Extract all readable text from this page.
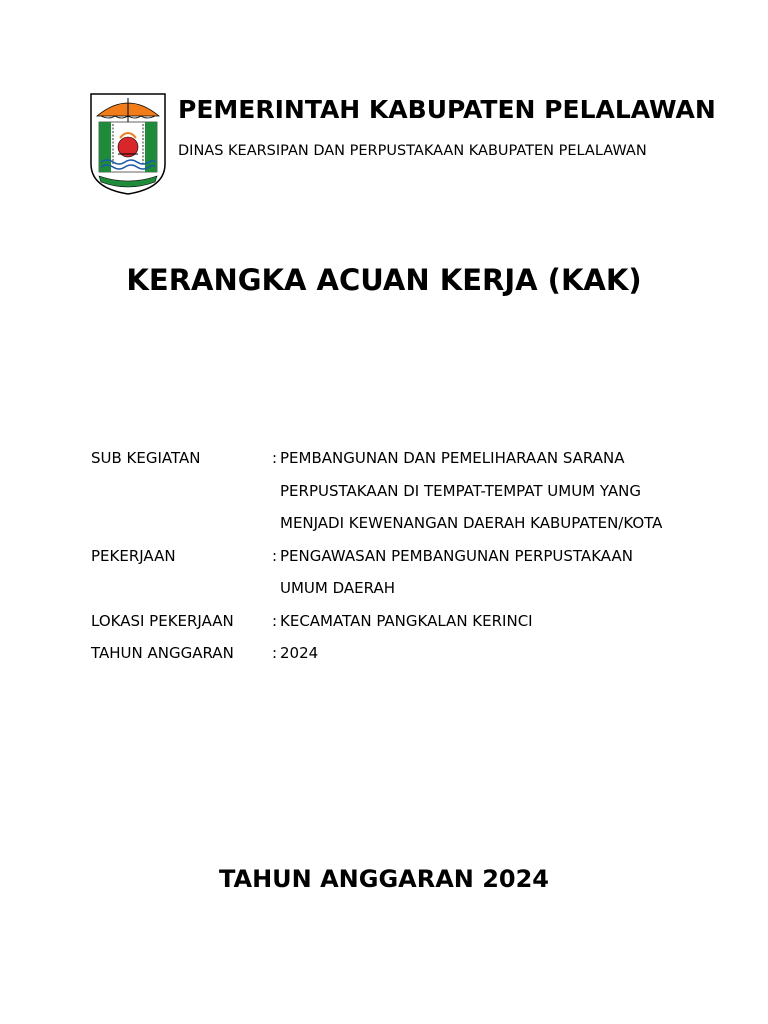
PEMERINTAH KABUPATEN PELALAWAN
DINAS KEARSIPAN DAN PERPUSTAKAAN KABUPATEN PELALAWAN
KERANGKA ACUAN KERJA (KAK)
SUB KEGIATAN	: PEMBANGUNAN DAN PEMELIHARAAN SARANA
PERPUSTAKAAN DI TEMPAT-TEMPAT UMUM YANG
MENJADI KEWENANGAN DAERAH KABUPATEN/KOTA
PEKERJAAN	: PENGAWASAN PEMBANGUNAN PERPUSTAKAAN
UMUM DAERAH
LOKASI PEKERJAAN	: KECAMATAN PANGKALAN KERINCI
TAHUN ANGGARAN	: 2024
TAHUN ANGGARAN 2024
